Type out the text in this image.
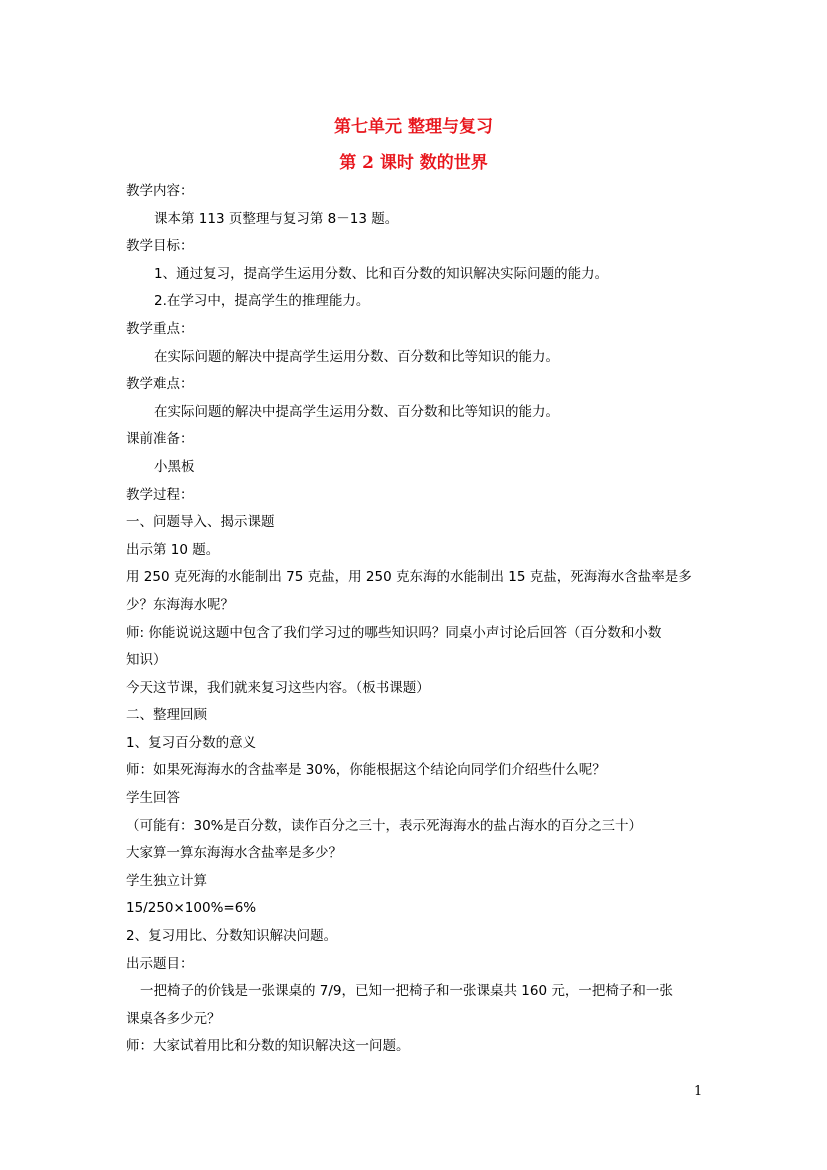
第七单元 整理与复习
第 2 课时 数的世界
教学内容：
课本第 113 页整理与复习第 8－13 题。
教学目标：
1、通过复习，提高学生运用分数、比和百分数的知识解决实际问题的能力。
2.在学习中，提高学生的推理能力。
教学重点：
在实际问题的解决中提高学生运用分数、百分数和比等知识的能力。
教学难点：
在实际问题的解决中提高学生运用分数、百分数和比等知识的能力。
课前准备：
小黑板
教学过程：
一、问题导入、揭示课题
出示第 10 题。
用 250 克死海的水能制出 75 克盐，用 250 克东海的水能制出 15 克盐，死海海水含盐率是多
少？东海海水呢？
师: 你能说说这题中包含了我们学习过的哪些知识吗？同桌小声讨论后回答（百分数和小数
知识）
今天这节课，我们就来复习这些内容。（板书课题）
二、整理回顾
1、复习百分数的意义
师：如果死海海水的含盐率是 30%，你能根据这个结论向同学们介绍些什么呢？
学生回答
（可能有：30%是百分数，读作百分之三十，表示死海海水的盐占海水的百分之三十）
大家算一算东海海水含盐率是多少？
学生独立计算
15/250×100%=6%
2、复习用比、分数知识解决问题。
出示题目：
一把椅子的价钱是一张课桌的 7/9，已知一把椅子和一张课桌共 160 元，一把椅子和一张
课桌各多少元？
师：大家试着用比和分数的知识解决这一问题。
1
